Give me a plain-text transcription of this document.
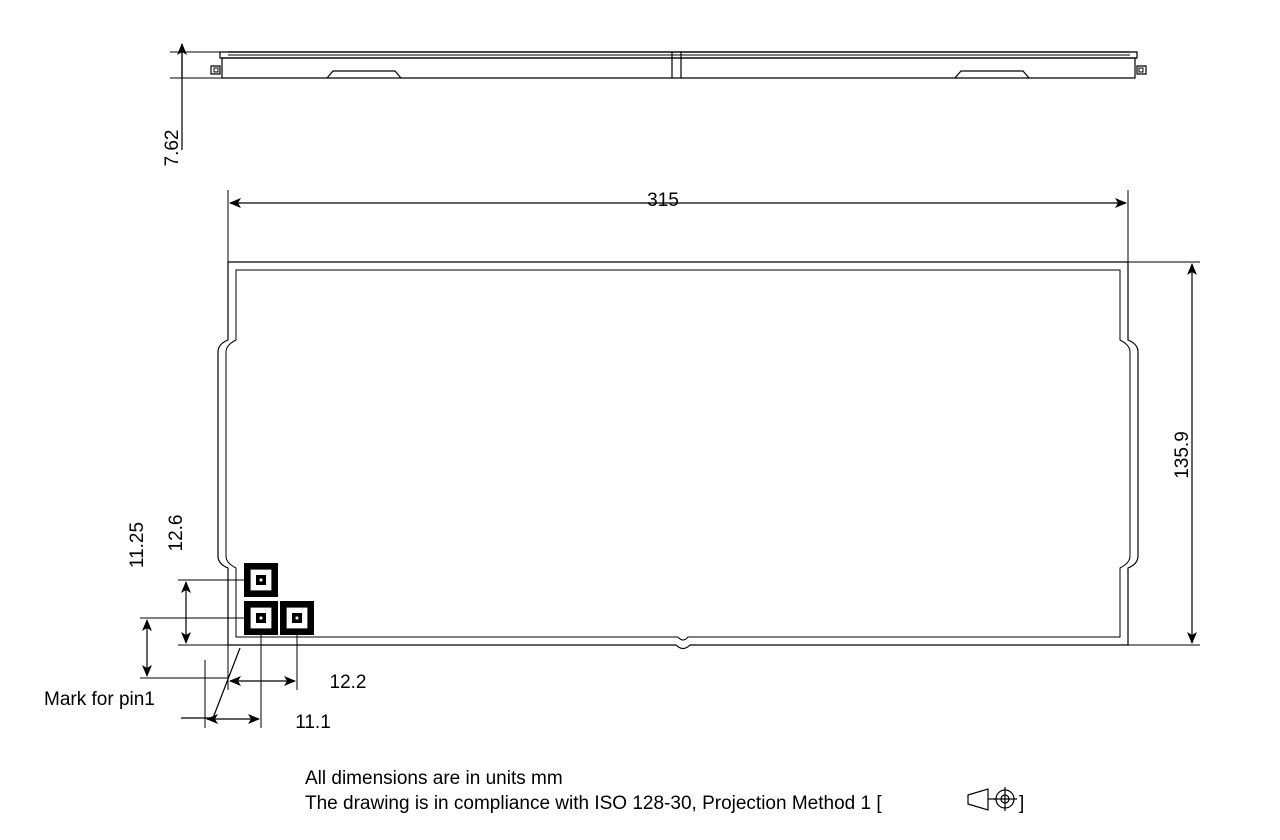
7.62
315
135.9
12.6
11.25
12.2
11.1
Mark for pin1
All dimensions are in units mm
The drawing is in compliance with ISO 128-30, Projection Method 1 [	]
